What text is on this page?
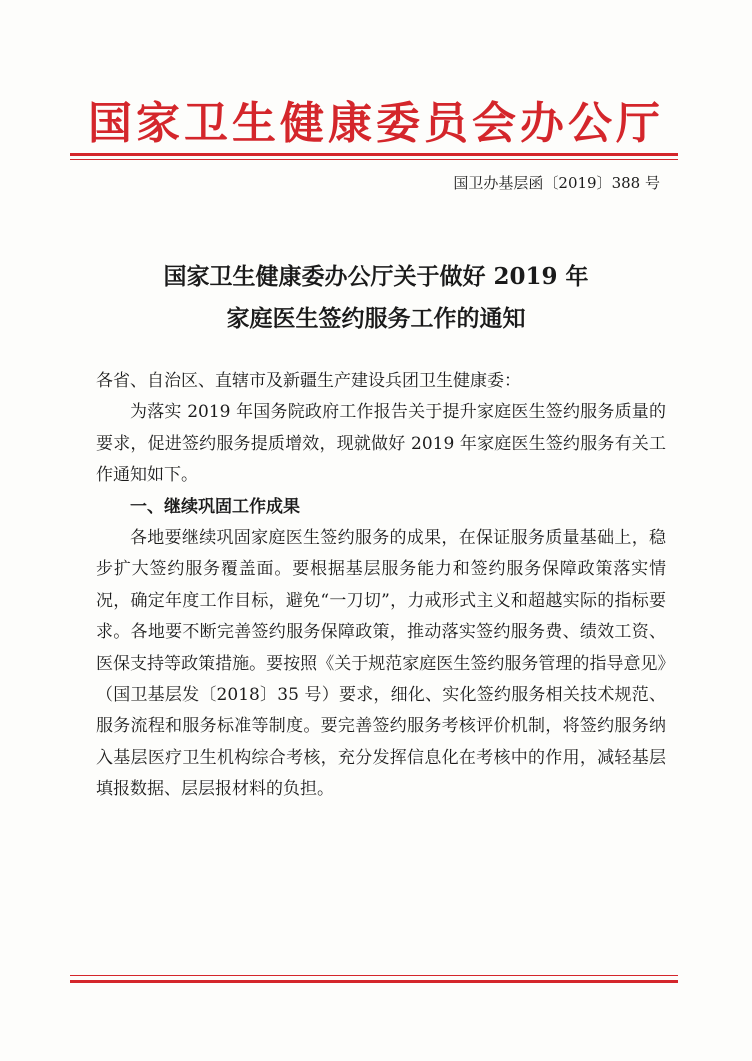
国家卫生健康委员会办公厅
国卫办基层函〔2019〕388 号
国家卫生健康委办公厅关于做好 2019 年
家庭医生签约服务工作的通知

各省、自治区、直辖市及新疆生产建设兵团卫生健康委：

为落实 2019 年国务院政府工作报告关于提升家庭医生签约服务质量的要求，促进签约服务提质增效，现就做好 2019 年家庭医生签约服务有关工作通知如下。

一、继续巩固工作成果

各地要继续巩固家庭医生签约服务的成果，在保证服务质量基础上，稳步扩大签约服务覆盖面。要根据基层服务能力和签约服务保障政策落实情况，确定年度工作目标，避免“一刀切”，力戒形式主义和超越实际的指标要求。各地要不断完善签约服务保障政策，推动落实签约服务费、绩效工资、医保支持等政策措施。要按照《关于规范家庭医生签约服务管理的指导意见》（国卫基层发〔2018〕35 号）要求，细化、实化签约服务相关技术规范、服务流程和服务标准等制度。要完善签约服务考核评价机制，将签约服务纳入基层医疗卫生机构综合考核，充分发挥信息化在考核中的作用，减轻基层填报数据、层层报材料的负担。
